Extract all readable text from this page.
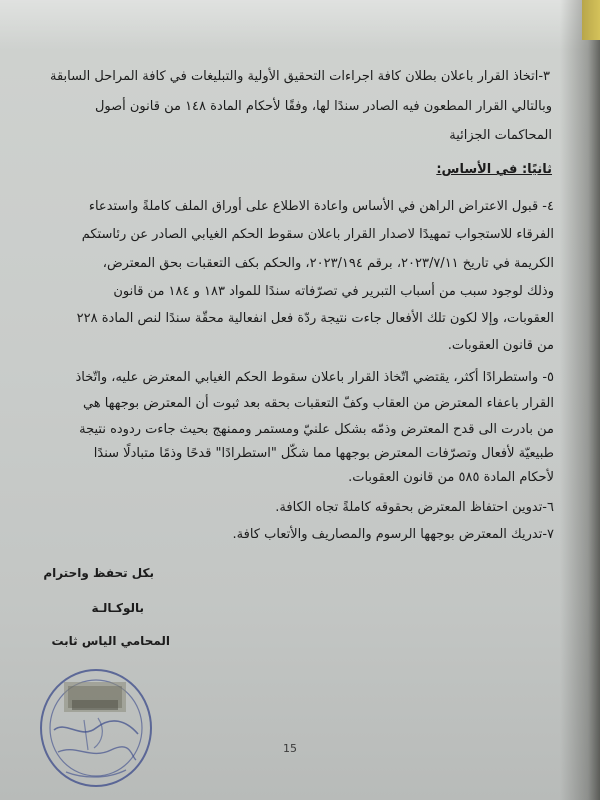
٣-اتخاذ القرار باعلان بطلان كافة اجراءات التحقيق الأولية والتبليغات في كافة المراحل السابقة
وبالتالي القرار المطعون فيه الصادر سندًا لها، وفقًا لأحكام المادة ١٤٨ من قانون أصول
المحاكمات الجزائية
ثانيًا: في الأساس:
٤- قبول الاعتراض الراهن في الأساس واعادة الاطلاع على أوراق الملف كاملةً واستدعاء
الفرقاء للاستجواب تمهيدًا لاصدار القرار باعلان سقوط الحكم الغيابي الصادر عن رئاستكم
الكريمة في تاريخ ٢٠٢٣/٧/١١، برقم ٢٠٢٣/١٩٤، والحكم بكف التعقبات بحق المعترض،
وذلك لوجود سبب من أسباب التبرير في تصرّفاته سندًا للمواد ١٨٣ و ١٨٤ من قانون
العقوبات، وإلا لكون تلك الأفعال جاءت نتيجة ردّة فعل انفعالية محقّة سندًا لنص المادة ٢٢٨
من قانون العقوبات.
٥- واستطرادًا أكثر، يقتضي اتّخاذ القرار باعلان سقوط الحكم الغيابي المعترض عليه، واتّخاذ
القرار باعفاء المعترض من العقاب وكفّ التعقبات بحقه بعد ثبوت أن المعترض بوجهها هي
من بادرت الى قدح المعترض وذمّه بشكل علنيّ ومستمر وممنهج بحيث جاءت ردوده نتيجة
طبيعيّة لأفعال وتصرّفات المعترض بوجهها مما شكّل "استطرادًا" قدحًا وذمًا متبادلًا سندًا
لأحكام المادة ٥٨٥ من قانون العقوبات.
٦-تدوين احتفاظ المعترض بحقوقه كاملةً تجاه الكافة.
٧-تدريك المعترض بوجهها الرسوم والمصاريف والأتعاب كافة.
بكل تحفظ واحترام
بالوكـالـة
المحامي الياس ثابت
15
